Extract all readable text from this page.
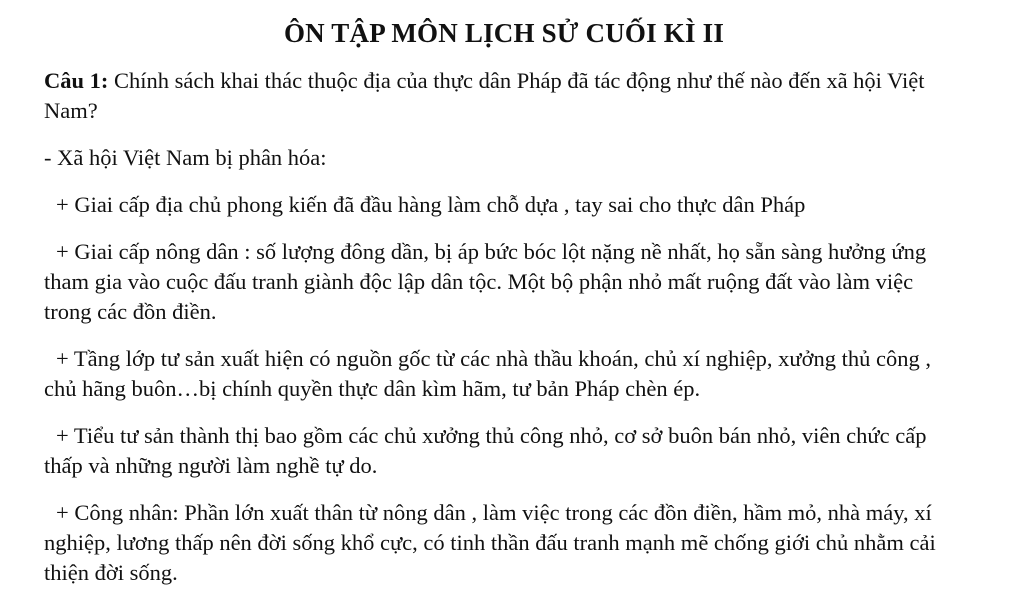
ÔN TẬP MÔN LỊCH SỬ CUỐI KÌ II

Câu 1: Chính sách khai thác thuộc địa của thực dân Pháp đã tác động như thế nào đến xã hội Việt Nam?

- Xã hội Việt Nam bị phân hóa:

+ Giai cấp địa chủ phong kiến đã đầu hàng làm chỗ dựa , tay sai cho thực dân Pháp

+ Giai cấp nông dân : số lượng đông dần, bị áp bức bóc lột nặng nề nhất, họ sẵn sàng hưởng ứng tham gia vào cuộc đấu tranh giành độc lập dân tộc. Một bộ phận nhỏ mất ruộng đất vào làm việc trong các đồn điền.

+ Tầng lớp tư sản xuất hiện có nguồn gốc từ các nhà thầu khoán, chủ xí nghiệp, xưởng thủ công , chủ hãng buôn…bị chính quyền thực dân kìm hãm, tư bản Pháp chèn ép.

+ Tiểu tư sản thành thị bao gồm các chủ xưởng thủ công nhỏ, cơ sở buôn bán nhỏ, viên chức cấp thấp và những người làm nghề tự do.

+ Công nhân: Phần lớn xuất thân từ nông dân , làm việc trong các đồn điền, hầm mỏ, nhà máy, xí nghiệp, lương thấp nên đời sống khổ cực, có tinh thần đấu tranh mạnh mẽ chống giới chủ nhằm cải thiện đời sống.
